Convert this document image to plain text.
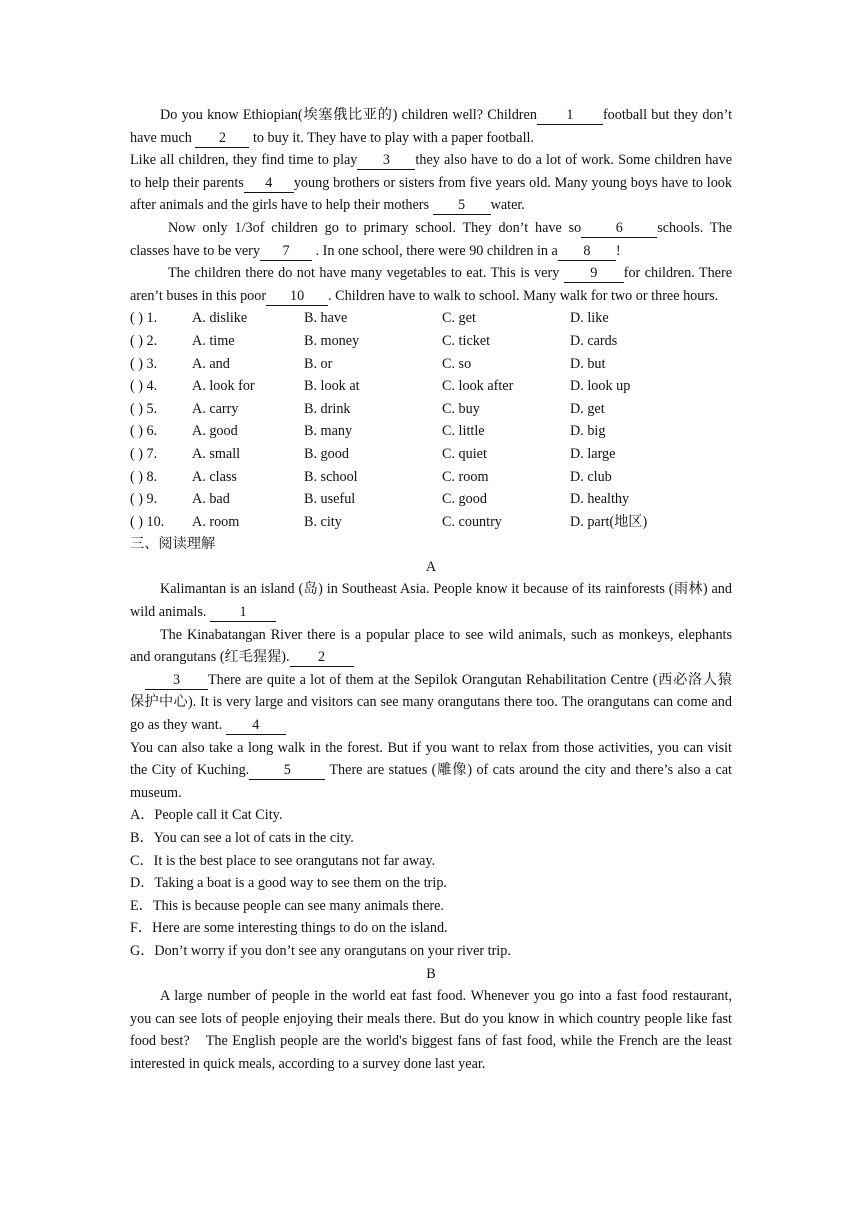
Do you know Ethiopian(埃塞俄比亚的) children well? Children 1 football but they don’t have much 2 to buy it. They have to play with a paper football.

Like all children, they find time to play 3 they also have to do a lot of work. Some children have to help their parents 4 young brothers or sisters from five years old. Many young boys have to look after animals and the girls have to help their mothers 5 water.

Now only 1/3of children go to primary school. They don’t have so 6 schools. The classes have to be very 7 . In one school, there were 90 children in a 8 !

The children there do not have many vegetables to eat. This is very 9 for children. There aren’t buses in this poor 10 . Children have to walk to school. Many walk for two or three hours.

( ) 1.	A. dislike	B. have	C. get	D. like
( ) 2.	A. time	B. money	C. ticket	D. cards
( ) 3.	A. and	B. or	C. so	D. but
( ) 4.	A. look for	B. look at	C. look after	D. look up
( ) 5.	A. carry	B. drink	C. buy	D. get
( ) 6.	A. good	B. many	C. little	D. big
( ) 7.	A. small	B. good	C. quiet	D. large
( ) 8.	A. class	B. school	C. room	D. club
( ) 9.	A. bad	B. useful	C. good	D. healthy
( ) 10.	A. room	B. city	C. country	D. part(地区)

三、阅读理解

A

Kalimantan is an island (岛) in Southeast Asia. People know it because of its rainforests (雨林) and wild animals. 1

The Kinabatangan River there is a popular place to see wild animals, such as monkeys, elephants and orangutans (红毛猩猩). 2

3 There are quite a lot of them at the Sepilok Orangutan Rehabilitation Centre (西必洛人猿保护中心). It is very large and visitors can see many orangutans there too. The orangutans can come and go as they want. 4

You can also take a long walk in the forest. But if you want to relax from those activities, you can visit the City of Kuching. 5	There are statues (雕像) of cats around the city and there’s also a cat museum.

A．People call it Cat City.

B．You can see a lot of cats in the city.

C．It is the best place to see orangutans not far away.

D．Taking a boat is a good way to see them on the trip.

E．This is because people can see many animals there.

F．Here are some interesting things to do on the island.

G．Don’t worry if you don’t see any orangutans on your river trip.

B

A large number of people in the world eat fast food. Whenever you go into a fast food restaurant, you can see lots of people enjoying their meals there. But do you know in which country people like fast food best?　The English people are the world's biggest fans of fast food, while the French are the least interested in quick meals, according to a survey done last year.
